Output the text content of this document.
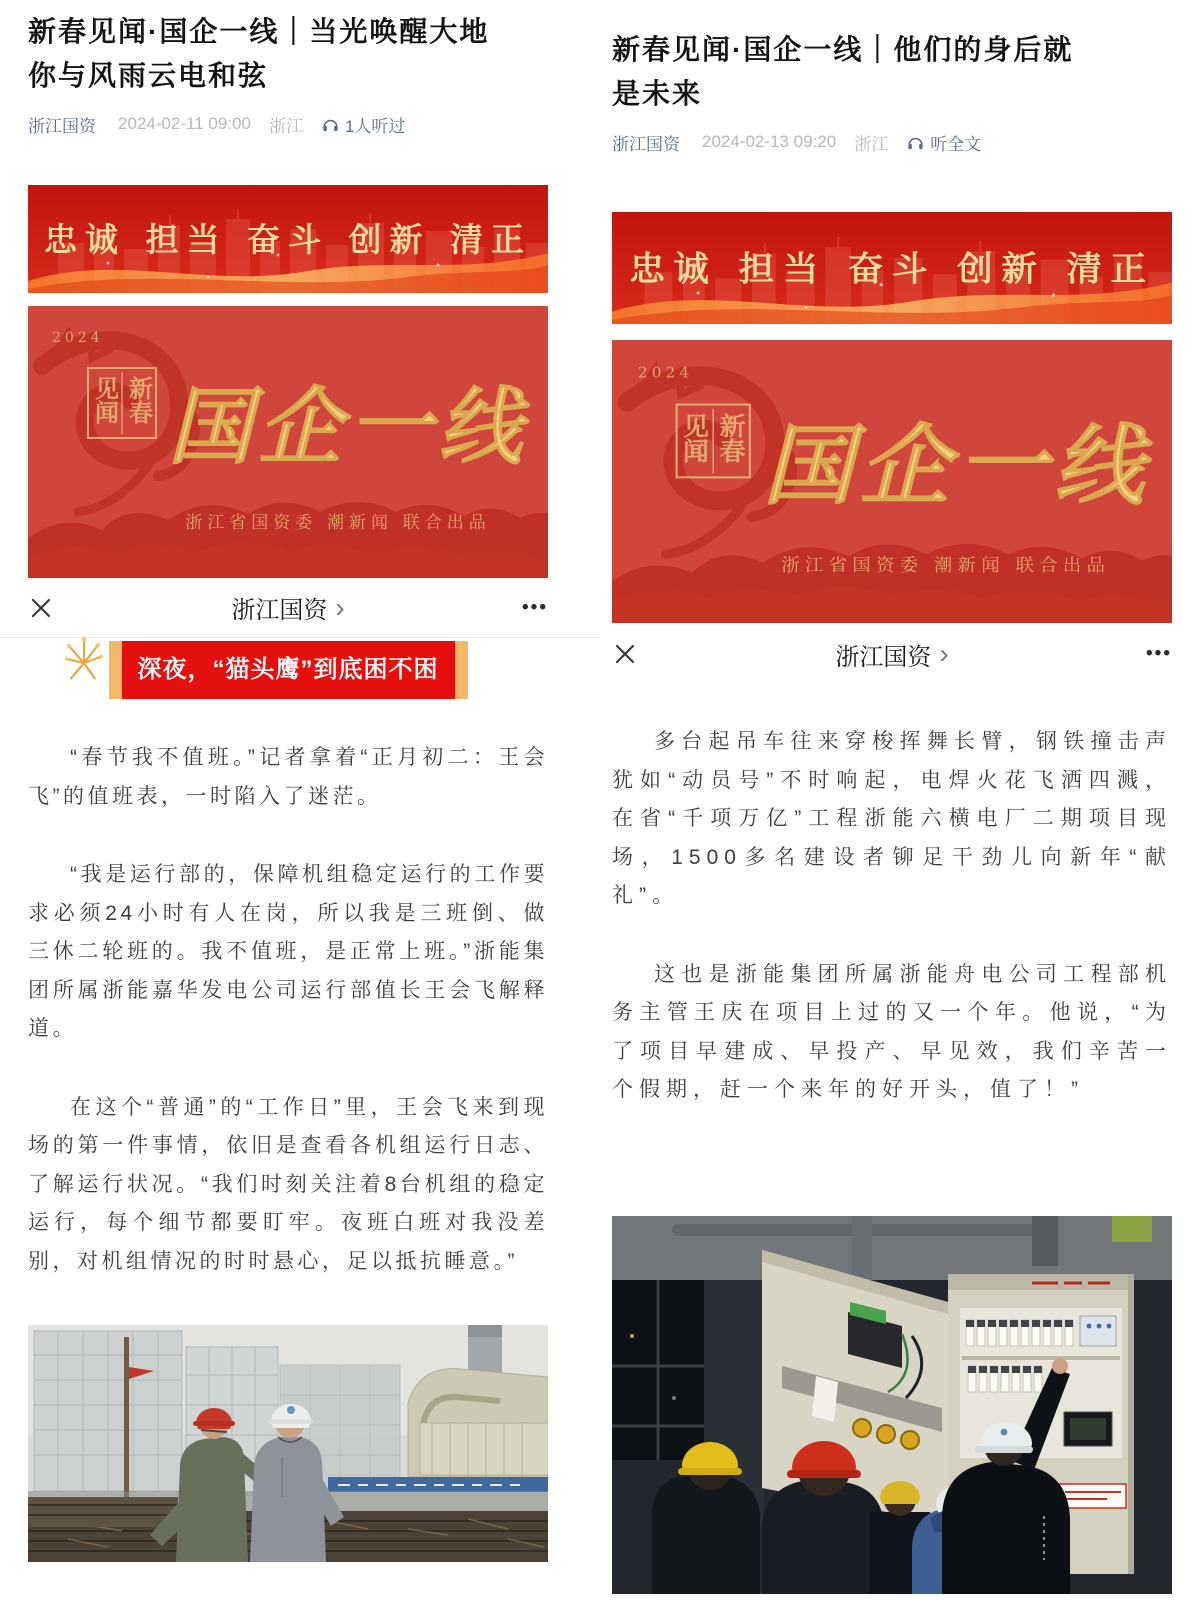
新春见闻·国企一线｜当光唤醒大地　你与风雨云电和弦
浙江国资 2024-02-11 09:00 浙江 1人听过
忠诚 担当 奋斗 创新 清正
2024
新春
见闻 国企一线
浙江省国资委 潮新闻 联合出品
浙江国资 ›	•••
深夜，“猫头鹰”到底困不困

“春节我不值班。”记者拿着“正月初二：王会飞”的值班表，一时陷入了迷茫。

“我是运行部的，保障机组稳定运行的工作要求必须24小时有人在岗，所以我是三班倒、做三休二轮班的。我不值班，是正常上班。”浙能集团所属浙能嘉华发电公司运行部值长王会飞解释道。

在这个“普通”的“工作日”里，王会飞来到现场的第一件事情，依旧是查看各机组运行日志、了解运行状况。“我们时刻关注着8台机组的稳定运行，每个细节都要盯牢。夜班白班对我没差别，对机组情况的时时悬心，足以抵抗睡意。”

新春见闻·国企一线｜他们的身后就是未来
浙江国资 2024-02-13 09:20 浙江 听全文
忠诚 担当 奋斗 创新 清正
2024
新春
见闻 国企一线
浙江省国资委 潮新闻 联合出品
浙江国资 ›	•••

多台起吊车往来穿梭挥舞长臂，钢铁撞击声犹如“动员号”不时响起，电焊火花飞洒四溅，在省“千项万亿”工程浙能六横电厂二期项目现场，1500多名建设者铆足干劲儿向新年“献礼”。

这也是浙能集团所属浙能舟电公司工程部机务主管王庆在项目上过的又一个年。他说，“为了项目早建成、早投产、早见效，我们辛苦一个假期，赶一个来年的好开头，值了！”
